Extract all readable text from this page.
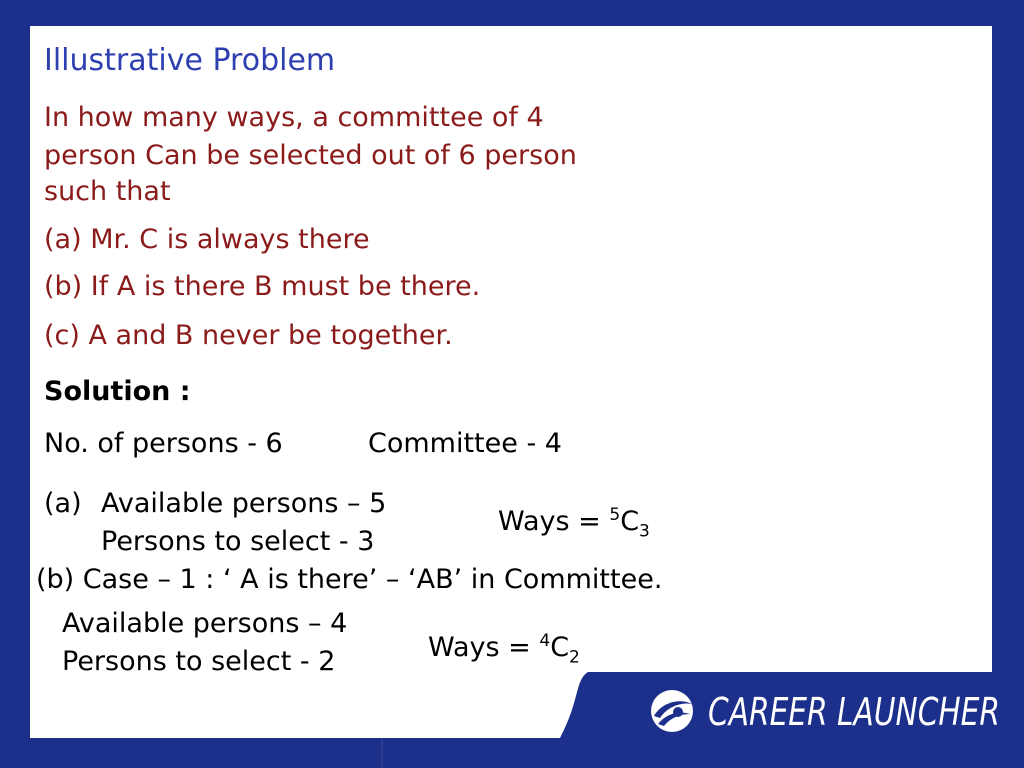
Illustrative Problem
In how many ways, a committee of 4
person Can be selected out of 6 person
such that
(a) Mr. C is always there
(b) If A is there B must be there.
(c) A and B never be together.
Solution :
No. of persons - 6	Committee - 4
(a) Available persons – 5
Persons to select - 3
Ways = $^5C_3$
(b) Case – 1 : ‘ A is there’ – ‘AB’ in Committee.
Available persons – 4
Persons to select - 2	Ways = $^4C_2$
CAREER LAUNCHER
